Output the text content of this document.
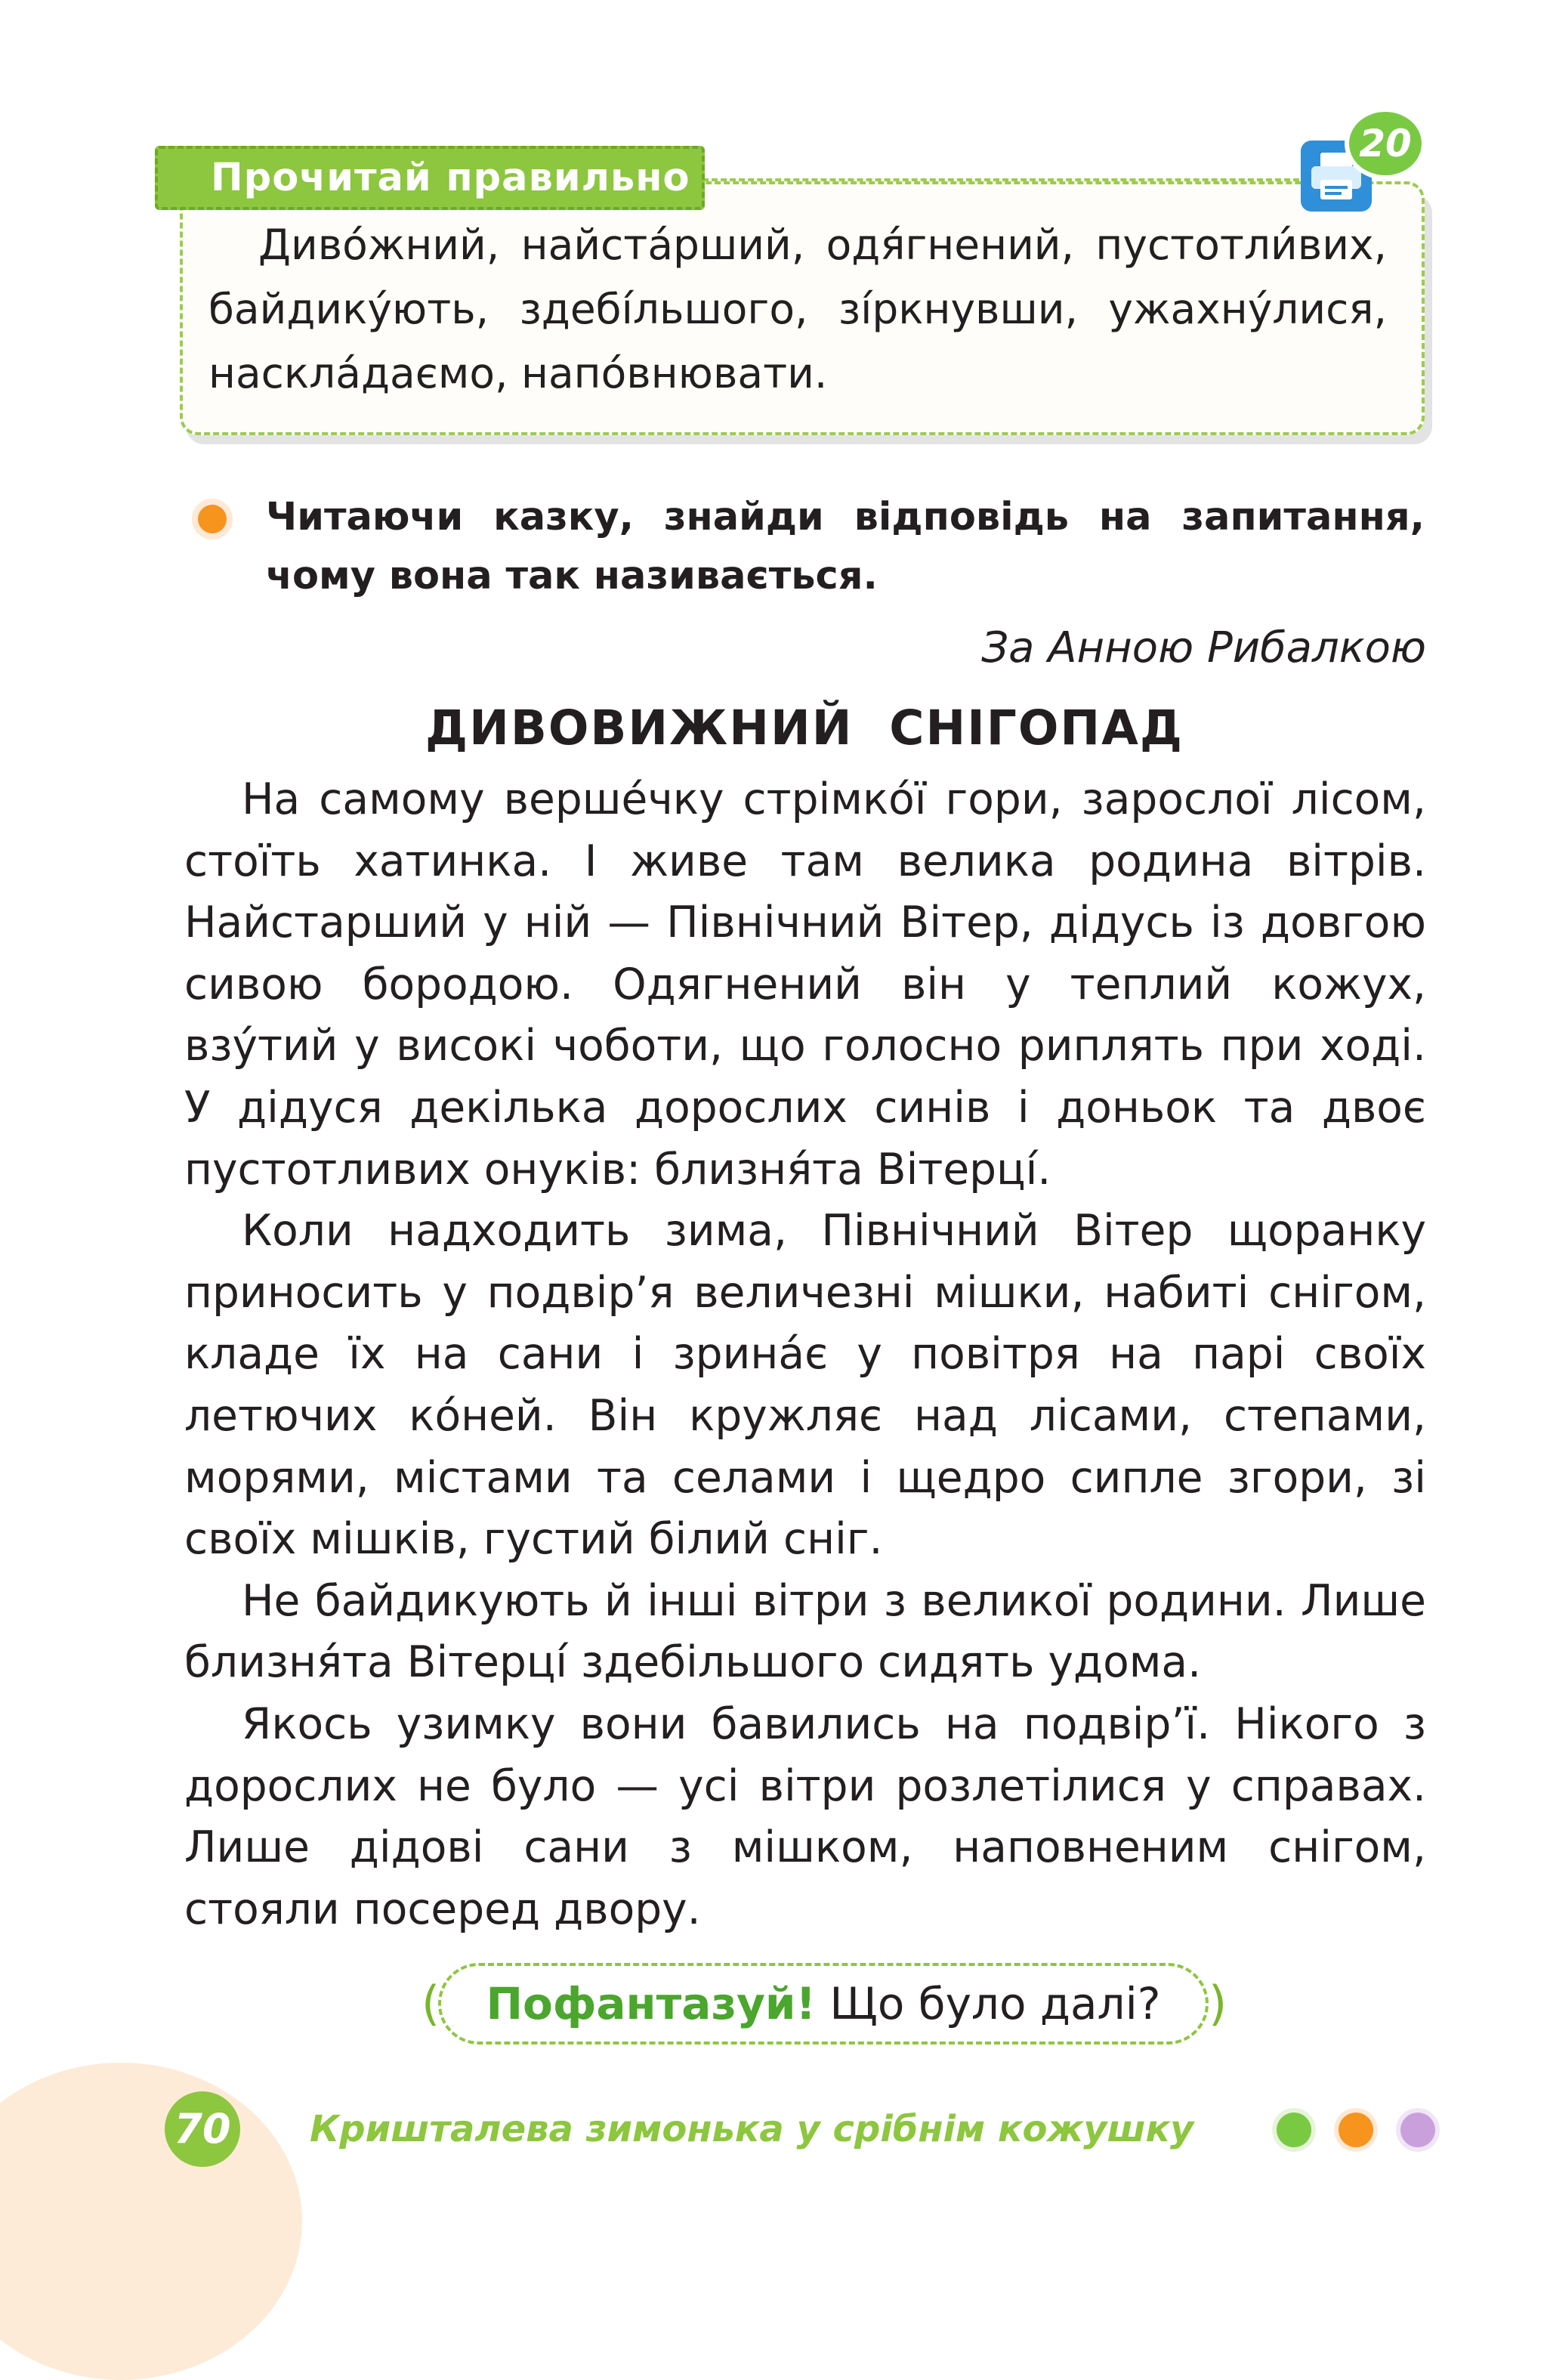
Прочитай правильно

Диво́жний, найста́рший, одя́гнений, пустотли́вих, байдику́ють, здебі́льшого, зі́ркнувши, ужахну́лися, наскла́даємо, напо́внювати.

20
Читаючи казку, знайди відповідь на запитання, чому вона так називається.
За Анною Рибалкою
ДИВОВИЖНИЙ  СНІГОПАД

На самому верше́чку стрімко́ї гори, зарослої лісом, стоїть хатинка. І живе там велика родина вітрів. Найстарший у ній — Північний Вітер, дідусь із довгою сивою бородою. Одягнений він у теплий кожух, взу́тий у високі чоботи, що голосно риплять при ході. У дідуся декілька дорослих синів і доньок та двоє пустотливих онуків: близня́та Вітерці́.

Коли надходить зима, Північний Вітер щоранку приносить у подвір’я величезні мішки, набиті снігом, кладе їх на сани і зрина́є у повітря на парі своїх летючих ко́ней. Він кружляє над лісами, степами, морями, містами та селами і щедро сипле згори, зі своїх мішків, густий білий сніг.

Не байдикують й інші вітри з великої родини. Лише близня́та Вітерці́ здебільшого сидять удома.

Якось узимку вони бавились на подвір’ї. Нікого з дорослих не було — усі вітри розлетілися у справах. Лише дідові сани з мішком, наповненим снігом, стояли посеред двору.

(	)
Пофантазуй! Що було далі?
70 Кришталева зимонька у срібнім кожушку
